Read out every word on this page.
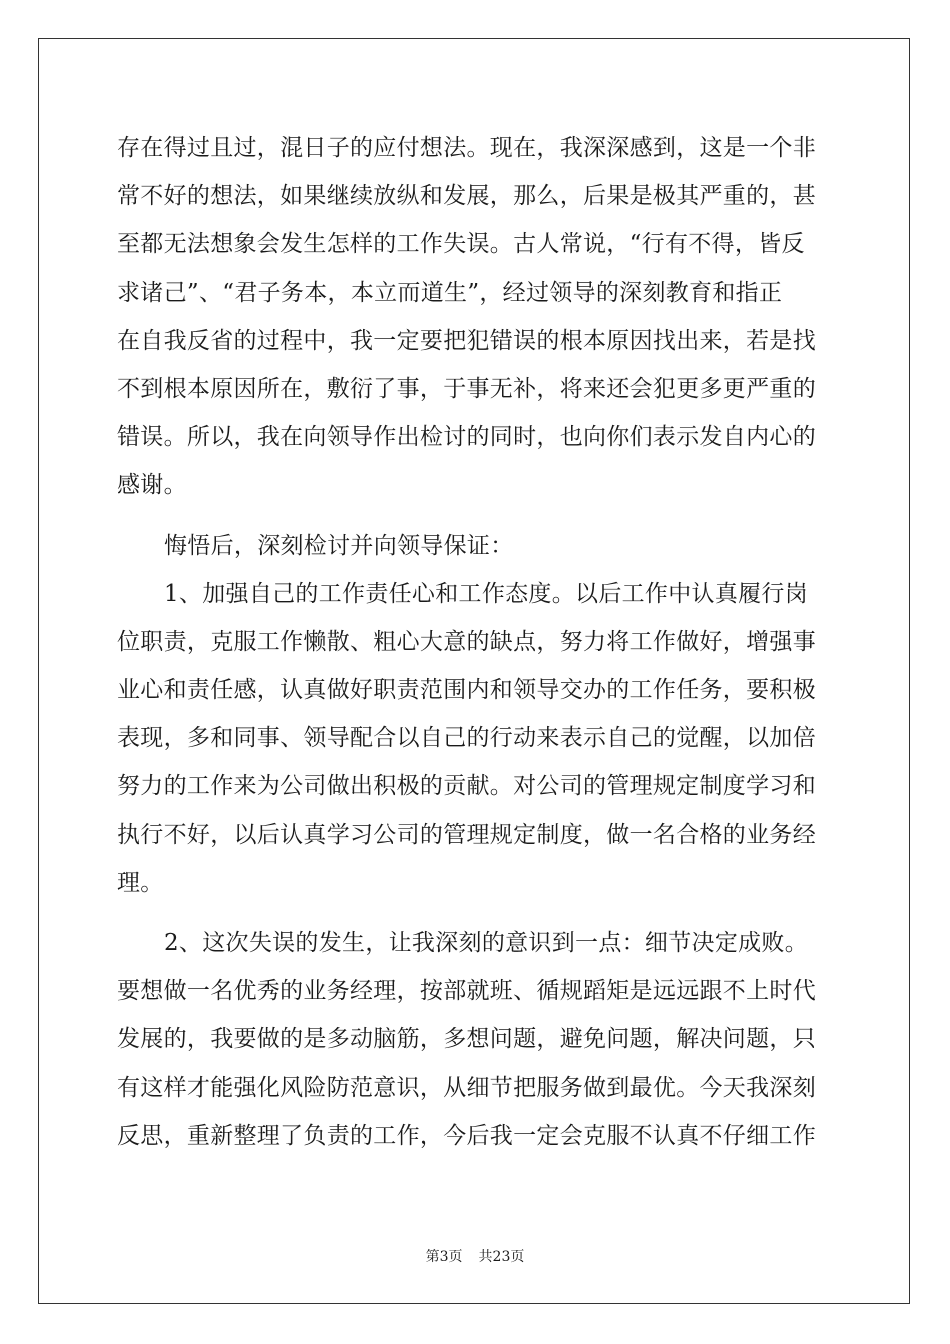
存在得过且过，混日子的应付想法。现在，我深深感到，这是一个非
常不好的想法，如果继续放纵和发展，那么，后果是极其严重的，甚
至都无法想象会发生怎样的工作失误。古人常说，“行有不得，皆反
求诸己”、“君子务本，本立而道生”，经过领导的深刻教育和指正
在自我反省的过程中，我一定要把犯错误的根本原因找出来，若是找
不到根本原因所在，敷衍了事，于事无补，将来还会犯更多更严重的
错误。所以，我在向领导作出检讨的同时，也向你们表示发自内心的
感谢。
悔悟后，深刻检讨并向领导保证：
1、加强自己的工作责任心和工作态度。以后工作中认真履行岗
位职责，克服工作懒散、粗心大意的缺点，努力将工作做好，增强事
业心和责任感，认真做好职责范围内和领导交办的工作任务，要积极
表现，多和同事、领导配合以自己的行动来表示自己的觉醒，以加倍
努力的工作来为公司做出积极的贡献。对公司的管理规定制度学习和
执行不好，以后认真学习公司的管理规定制度，做一名合格的业务经
理。
2、这次失误的发生，让我深刻的意识到一点：细节决定成败。
要想做一名优秀的业务经理，按部就班、循规蹈矩是远远跟不上时代
发展的，我要做的是多动脑筋，多想问题，避免问题，解决问题，只
有这样才能强化风险防范意识，从细节把服务做到最优。今天我深刻
反思，重新整理了负责的工作，今后我一定会克服不认真不仔细工作
第3页 共23页
